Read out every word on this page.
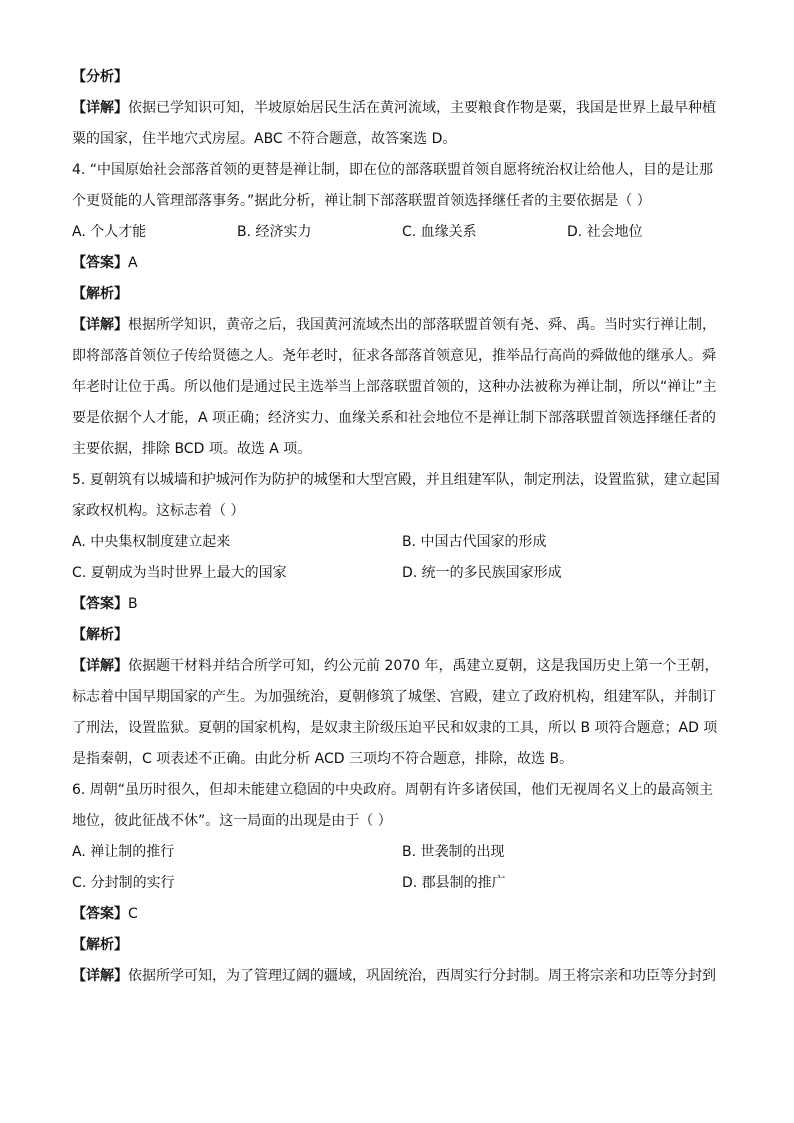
【分析】
【详解】依据已学知识可知，半坡原始居民生活在黄河流域，主要粮食作物是粟，我国是世界上最早种植
粟的国家，住半地穴式房屋。ABC 不符合题意，故答案选 D。
4. “中国原始社会部落首领的更替是禅让制，即在位的部落联盟首领自愿将统治权让给他人，目的是让那
个更贤能的人管理部落事务。”据此分析，禅让制下部落联盟首领选择继任者的主要依据是（ ）
A. 个人才能	B. 经济实力	C. 血缘关系	D. 社会地位
【答案】A
【解析】
【详解】根据所学知识，黄帝之后，我国黄河流域杰出的部落联盟首领有尧、舜、禹。当时实行禅让制，
即将部落首领位子传给贤德之人。尧年老时，征求各部落首领意见，推举品行高尚的舜做他的继承人。舜
年老时让位于禹。所以他们是通过民主选举当上部落联盟首领的，这种办法被称为禅让制，所以“禅让”主
要是依据个人才能，A 项正确；经济实力、血缘关系和社会地位不是禅让制下部落联盟首领选择继任者的
主要依据，排除 BCD 项。故选 A 项。
5. 夏朝筑有以城墙和护城河作为防护的城堡和大型宫殿，并且组建军队，制定刑法，设置监狱，建立起国
家政权机构。这标志着（ ）
A. 中央集权制度建立起来	B. 中国古代国家的形成
C. 夏朝成为当时世界上最大的国家	D. 统一的多民族国家形成
【答案】B
【解析】
【详解】依据题干材料并结合所学可知，约公元前 2070 年，禹建立夏朝，这是我国历史上第一个王朝，
标志着中国早期国家的产生。为加强统治，夏朝修筑了城堡、宫殿，建立了政府机构，组建军队，并制订
了刑法，设置监狱。夏朝的国家机构，是奴隶主阶级压迫平民和奴隶的工具，所以 B 项符合题意；AD 项
是指秦朝，C 项表述不正确。由此分析 ACD 三项均不符合题意，排除，故选 B。
6. 周朝“虽历时很久，但却未能建立稳固的中央政府。周朝有许多诸侯国，他们无视周名义上的最高领主
地位，彼此征战不休”。这一局面的出现是由于（ ）
A. 禅让制的推行	B. 世袭制的出现
C. 分封制的实行	D. 郡县制的推广
【答案】C
【解析】
【详解】依据所学可知，为了管理辽阔的疆域，巩固统治，西周实行分封制。周王将宗亲和功臣等分封到
